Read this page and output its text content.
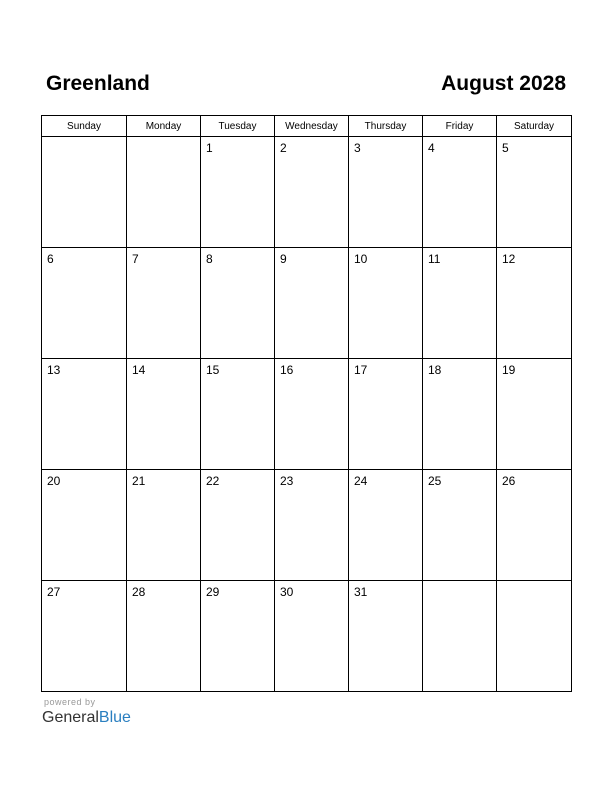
Greenland	August 2028
Sunday	Monday	Tuesday	Wednesday	Thursday	Friday	Saturday

		1	2	3	4	5

6	7	8	9	10	11	12

13	14	15	16	17	18	19

20	21	22	23	24	25	26

27	28	29	30	31		

powered by
GeneralBlue
